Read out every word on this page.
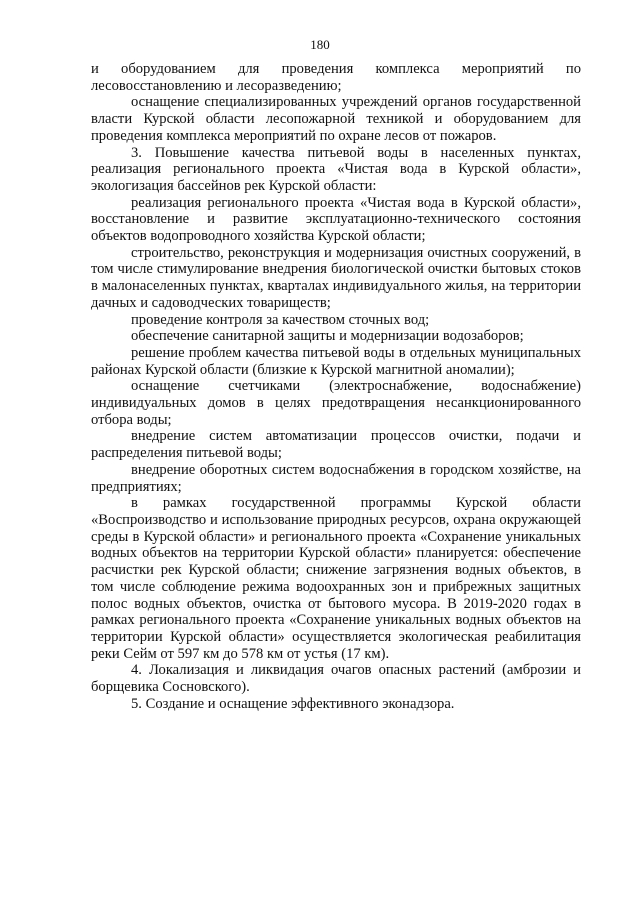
180

и оборудованием для проведения комплекса мероприятий по лесовосстановлению и лесоразведению;

оснащение специализированных учреждений органов государственной власти Курской области лесопожарной техникой и оборудованием для проведения комплекса мероприятий по охране лесов от пожаров.

3. Повышение качества питьевой воды в населенных пунктах, реализация регионального проекта «Чистая вода в Курской области», экологизация бассейнов рек Курской области:

реализация регионального проекта «Чистая вода в Курской области», восстановление и развитие эксплуатационно-технического состояния объектов водопроводного хозяйства Курской области;

строительство, реконструкция и модернизация очистных сооружений, в том числе стимулирование внедрения биологической очистки бытовых стоков в малонаселенных пунктах, кварталах индивидуального жилья, на территории дачных и садоводческих товариществ;

проведение контроля за качеством сточных вод;

обеспечение санитарной защиты и модернизации водозаборов;

решение проблем качества питьевой воды в отдельных муниципальных районах Курской области (близкие к Курской магнитной аномалии);

оснащение счетчиками (электроснабжение, водоснабжение) индивидуальных домов в целях предотвращения несанкционированного отбора воды;

внедрение систем автоматизации процессов очистки, подачи и распределения питьевой воды;

внедрение оборотных систем водоснабжения в городском хозяйстве, на предприятиях;

в рамках государственной программы Курской области «Воспроизводство и использование природных ресурсов, охрана окружающей среды в Курской области» и регионального проекта «Сохранение уникальных водных объектов на территории Курской области» планируется: обеспечение расчистки рек Курской области; снижение загрязнения водных объектов, в том числе соблюдение режима водоохранных зон и прибрежных защитных полос водных объектов, очистка от бытового мусора. В 2019-2020 годах в рамках регионального проекта «Сохранение уникальных водных объектов на территории Курской области» осуществляется экологическая реабилитация реки Сейм от 597 км до 578 км от устья (17 км).

4. Локализация и ликвидация очагов опасных растений (амброзии и борщевика Сосновского).

5. Создание и оснащение эффективного эконадзора.
